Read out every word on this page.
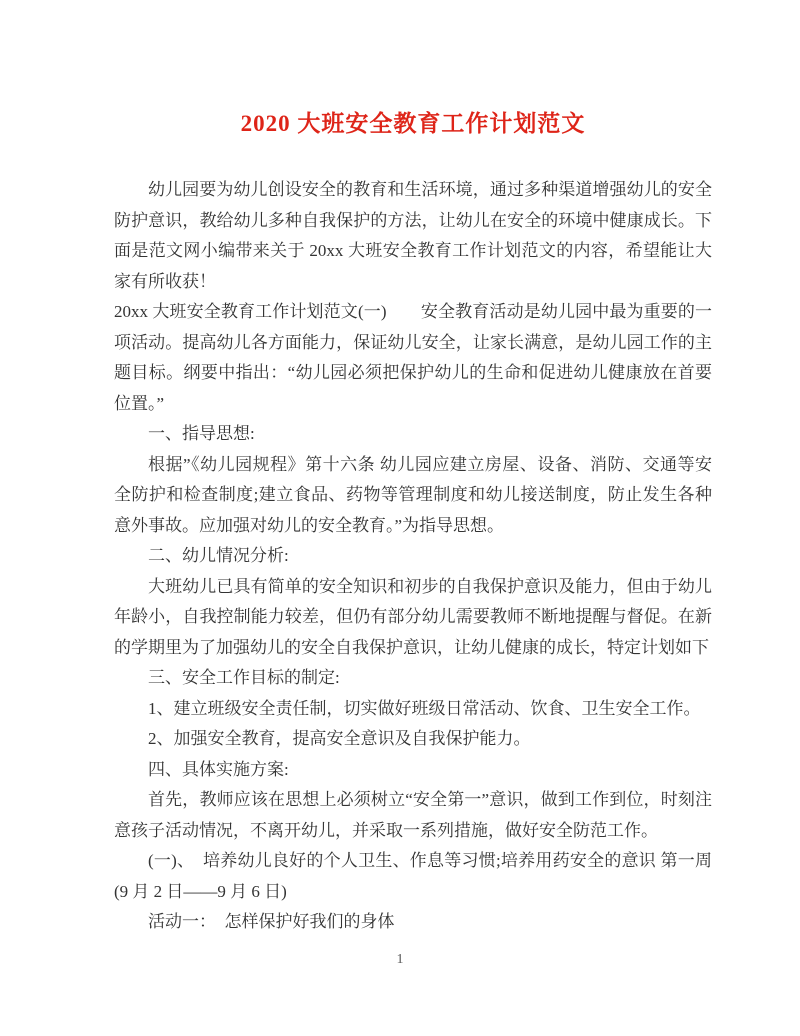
2020 大班安全教育工作计划范文

幼儿园要为幼儿创设安全的教育和生活环境，通过多种渠道增强幼儿的安全防护意识，教给幼儿多种自我保护的方法，让幼儿在安全的环境中健康成长。下面是范文网小编带来关于 20xx 大班安全教育工作计划范文的内容，希望能让大家有所收获！

20xx 大班安全教育工作计划范文(一)　　安全教育活动是幼儿园中最为重要的一项活动。提高幼儿各方面能力，保证幼儿安全，让家长满意，是幼儿园工作的主题目标。纲要中指出：“幼儿园必须把保护幼儿的生命和促进幼儿健康放在首要位置。”

一、指导思想:

根据”《幼儿园规程》第十六条 幼儿园应建立房屋、设备、消防、交通等安全防护和检查制度;建立食品、药物等管理制度和幼儿接送制度，防止发生各种意外事故。应加强对幼儿的安全教育。”为指导思想。

二、幼儿情况分析:

大班幼儿已具有简单的安全知识和初步的自我保护意识及能力，但由于幼儿年龄小，自我控制能力较差，但仍有部分幼儿需要教师不断地提醒与督促。在新的学期里为了加强幼儿的安全自我保护意识，让幼儿健康的成长，特定计划如下

三、安全工作目标的制定:

1、建立班级安全责任制，切实做好班级日常活动、饮食、卫生安全工作。

2、加强安全教育，提高安全意识及自我保护能力。

四、具体实施方案:

首先，教师应该在思想上必须树立“安全第一”意识，做到工作到位，时刻注意孩子活动情况，不离开幼儿，并采取一系列措施，做好安全防范工作。

(一)、　培养幼儿良好的个人卫生、作息等习惯;培养用药安全的意识 第一周(9 月 2 日——9 月 6 日)

活动一：　怎样保护好我们的身体

1
